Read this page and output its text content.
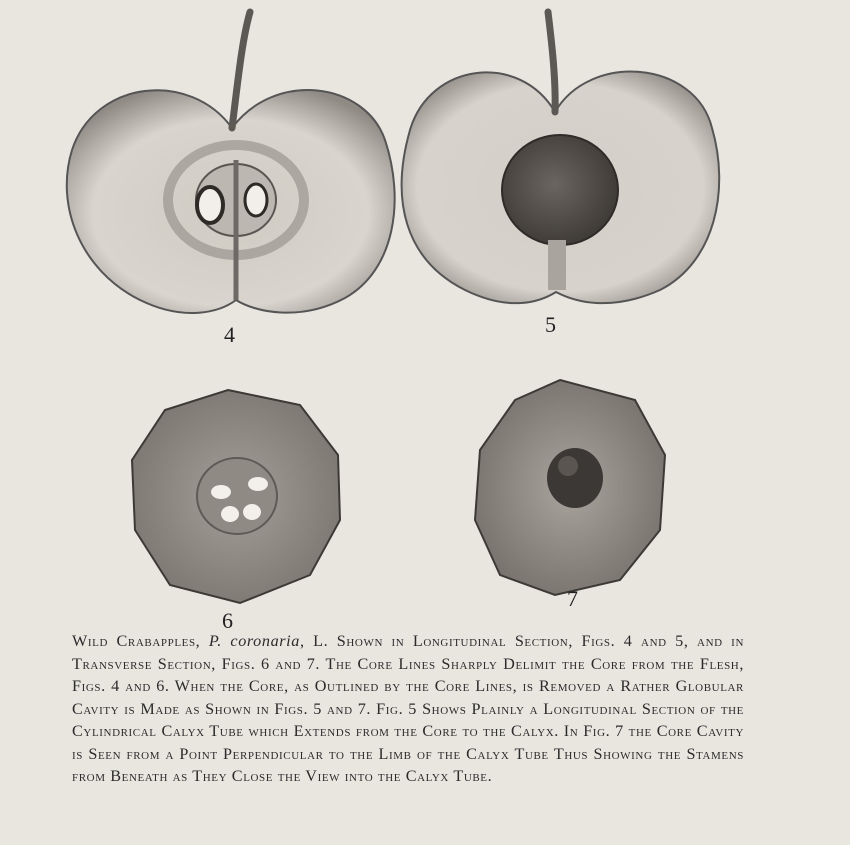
4	5
6
7
Wild Crabapples, P. coronaria, L. Shown in Longitudinal Section, Figs. 4 and 5, and in Transverse Section, Figs. 6 and 7. The Core Lines Sharply Delimit the Core from the Flesh, Figs. 4 and 6. When the Core, as Outlined by the Core Lines, is Removed a Rather Globular Cavity is Made as Shown in Figs. 5 and 7. Fig. 5 Shows Plainly a Longitudinal Section of the Cylindrical Calyx Tube which Extends from the Core to the Calyx. In Fig. 7 the Core Cavity is Seen from a Point Perpendicular to the Limb of the Calyx Tube Thus Showing the Stamens from Beneath as They Close the View into the Calyx Tube.
